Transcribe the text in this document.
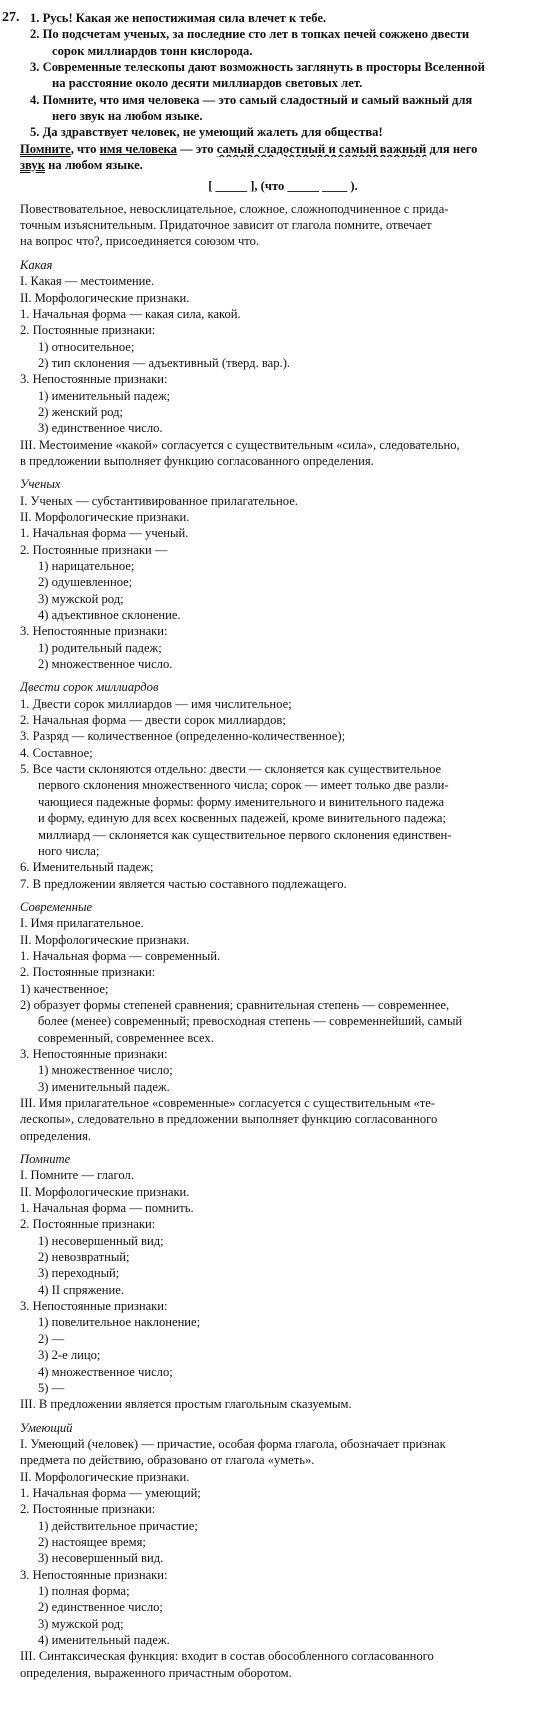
27. 1. Русь! Какая же непостижимая сила влечет к тебе.
2. По подсчетам ученых, за последние сто лет в топках печей сожжено двести
сорок миллиардов тонн кислорода.
3. Современные телескопы дают возможность заглянуть в просторы Вселенной
на расстояние около десяти миллиардов световых лет.
4. Помните, что имя человека — это самый сладостный и самый важный для
него звук на любом языке.
5. Да здравствует человек, не умеющий жалеть для общества!
Помните, что имя человека — это самый сладостный и самый важный для него
звук на любом языке.
[ _____ ], (что _____ ____ ).
Повествовательное, невосклицательное, сложное, сложноподчиненное с прида-
точным изъяснительным. Придаточное зависит от глагола помните, отвечает
на вопрос что?, присоединяется союзом что.
Какая
I. Какая — местоимение.
II. Морфологические признаки.
1. Начальная форма — какая сила, какой.
2. Постоянные признаки:
1) относительное;
2) тип склонения — адъективный (тверд. вар.).
3. Непостоянные признаки:
1) именительный падеж;
2) женский род;
3) единственное число.
III. Местоимение «какой» согласуется с существительным «сила», следовательно,
в предложении выполняет функцию согласованного определения.
Ученых
I. Ученых — субстантивированное прилагательное.
II. Морфологические признаки.
1. Начальная форма — ученый.
2. Постоянные признаки —
1) нарицательное;
2) одушевленное;
3) мужской род;
4) адъективное склонение.
3. Непостоянные признаки:
1) родительный падеж;
2) множественное число.
Двести сорок миллиардов
1. Двести сорок миллиардов — имя числительное;
2. Начальная форма — двести сорок миллиардов;
3. Разряд — количественное (определенно-количественное);
4. Составное;
5. Все части склоняются отдельно: двести — склоняется как существительное
первого склонения множественного числа; сорок — имеет только две разли-
чающиеся падежные формы: форму именительного и винительного падежа
и форму, единую для всех косвенных падежей, кроме винительного падежа;
миллиард — склоняется как существительное первого склонения единствен-
ного числа;
6. Именительный падеж;
7. В предложении является частью составного подлежащего.
Современные
I. Имя прилагательное.
II. Морфологические признаки.
1. Начальная форма — современный.
2. Постоянные признаки:
1) качественное;
2) образует формы степеней сравнения; сравнительная степень — современнее,
более (менее) современный; превосходная степень — современнейший, самый
современный, современнее всех.
3. Непостоянные признаки:
1) множественное число;
3) именительный падеж.
III. Имя прилагательное «современные» согласуется с существительным «те-
лескопы», следовательно в предложении выполняет функцию согласованного
определения.
Помните
I. Помните — глагол.
II. Морфологические признаки.
1. Начальная форма — помнить.
2. Постоянные признаки:
1) несовершенный вид;
2) невозвратный;
3) переходный;
4) II спряжение.
3. Непостоянные признаки:
1) повелительное наклонение;
2) —
3) 2-е лицо;
4) множественное число;
5) —
III. В предложении является простым глагольным сказуемым.
Умеющий
I. Умеющий (человек) — причастие, особая форма глагола, обозначает признак
предмета по действию, образовано от глагола «уметь».
II. Морфологические признаки.
1. Начальная форма — умеющий;
2. Постоянные признаки:
1) действительное причастие;
2) настоящее время;
3) несовершенный вид.
3. Непостоянные признаки:
1) полная форма;
2) единственное число;
3) мужской род;
4) именительный падеж.
III. Синтаксическая функция: входит в состав обособленного согласованного
определения, выраженного причастным оборотом.
